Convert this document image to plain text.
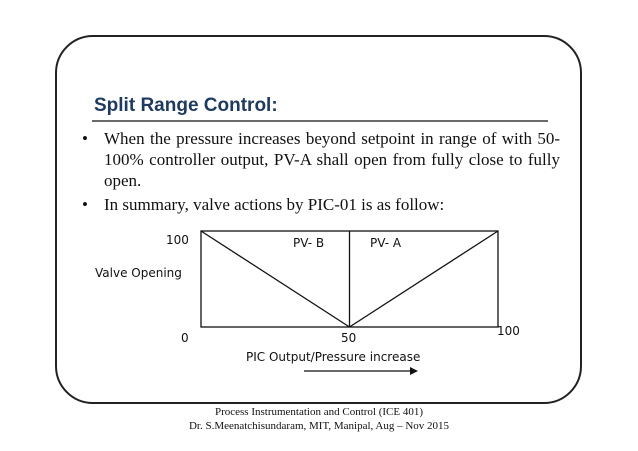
Split Range Control:
• When the pressure increases beyond setpoint in range of with 50-100% controller output, PV-A shall open from fully close to fully open.
• In summary, valve actions by PIC-01 is as follow:
100
Valve Opening
0	50	100
PIC Output/Pressure increase
PV- B	PV- A
Process Instrumentation and Control (ICE 401)
Dr. S.Meenatchisundaram, MIT, Manipal, Aug – Nov 2015
